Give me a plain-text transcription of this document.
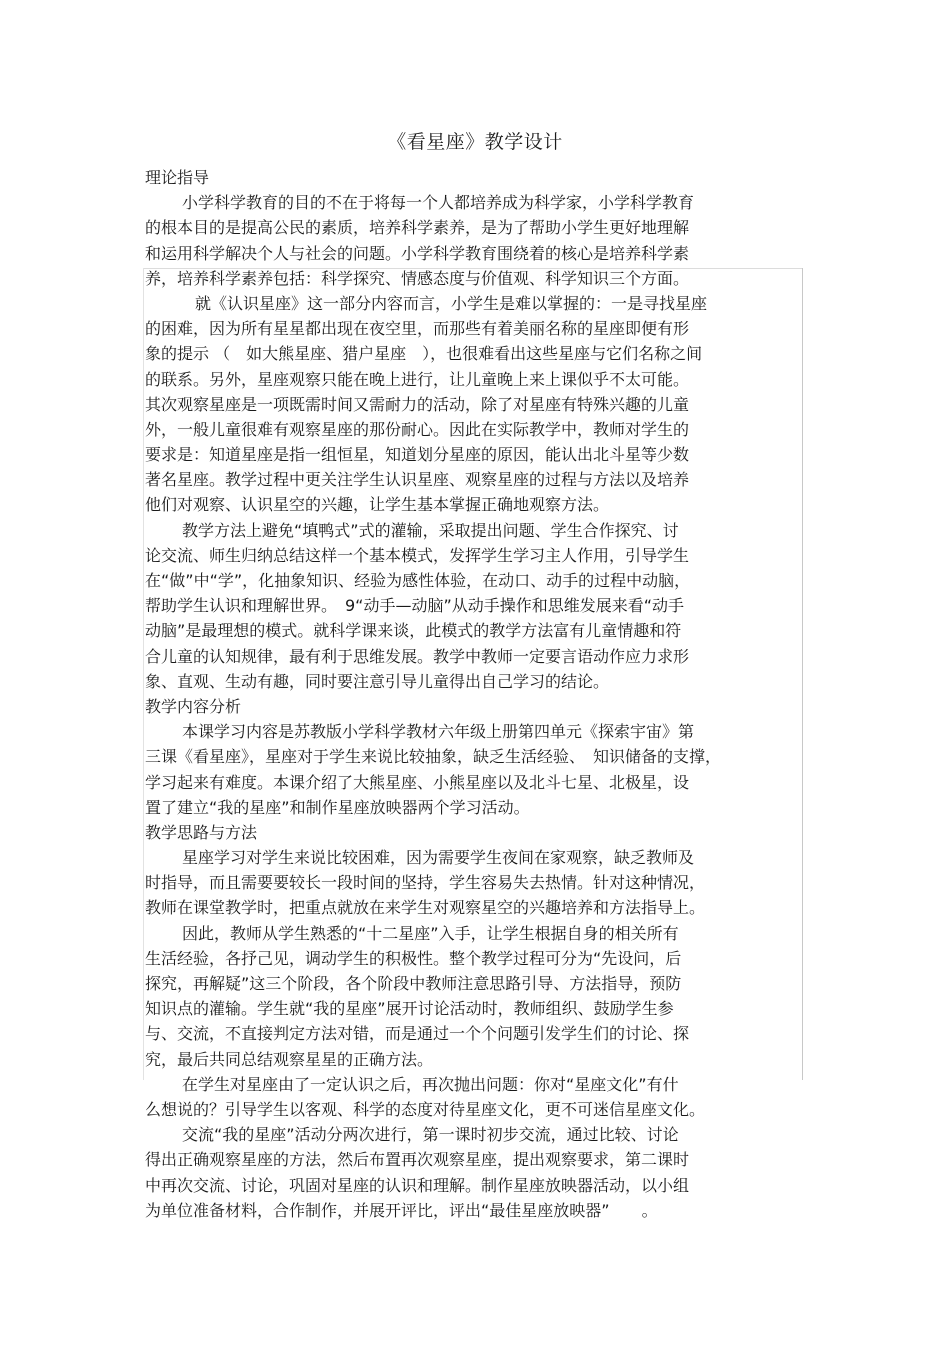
《看星座》教学设计
理论指导
小学科学教育的目的不在于将每一个人都培养成为科学家，小学科学教育
的根本目的是提高公民的素质，培养科学素养，是为了帮助小学生更好地理解
和运用科学解决个人与社会的问题。小学科学教育围绕着的核心是培养科学素
养，培养科学素养包括：科学探究、情感态度与价值观、科学知识三个方面。
就《认识星座》这一部分内容而言，小学生是难以掌握的：一是寻找星座
的困难，因为所有星星都出现在夜空里，而那些有着美丽名称的星座即便有形
象的提示 （　如大熊星座、猎户星座　），也很难看出这些星座与它们名称之间
的联系。另外，星座观察只能在晚上进行，让儿童晚上来上课似乎不太可能。
其次观察星座是一项既需时间又需耐力的活动，除了对星座有特殊兴趣的儿童
外，一般儿童很难有观察星座的那份耐心。因此在实际教学中，教师对学生的
要求是：知道星座是指一组恒星，知道划分星座的原因，能认出北斗星等少数
著名星座。教学过程中更关注学生认识星座、观察星座的过程与方法以及培养
他们对观察、认识星空的兴趣，让学生基本掌握正确地观察方法。
教学方法上避免“填鸭式”式的灌输，采取提出问题、学生合作探究、讨
论交流、师生归纳总结这样一个基本模式，发挥学生学习主人作用，引导学生
在“做”中“学”，化抽象知识、经验为感性体验，在动口、动手的过程中动脑，
帮助学生认识和理解世界。　9“动手—动脑”从动手操作和思维发展来看“动手
动脑”是最理想的模式。就科学课来谈，此模式的教学方法富有儿童情趣和符
合儿童的认知规律，最有利于思维发展。教学中教师一定要言语动作应力求形
象、直观、生动有趣，同时要注意引导儿童得出自己学习的结论。
教学内容分析
本课学习内容是苏教版小学科学教材六年级上册第四单元《探索宇宙》第
三课《看星座》，星座对于学生来说比较抽象，缺乏生活经验、　知识储备的支撑，
学习起来有难度。本课介绍了大熊星座、小熊星座以及北斗七星、北极星，设
置了建立“我的星座”和制作星座放映器两个学习活动。
教学思路与方法
星座学习对学生来说比较困难，因为需要学生夜间在家观察，缺乏教师及
时指导，而且需要要较长一段时间的坚持，学生容易失去热情。针对这种情况，
教师在课堂教学时，把重点就放在来学生对观察星空的兴趣培养和方法指导上。
因此，教师从学生熟悉的“十二星座”入手，让学生根据自身的相关所有
生活经验，各抒己见，调动学生的积极性。整个教学过程可分为“先设问，后
探究，再解疑”这三个阶段，各个阶段中教师注意思路引导、方法指导，预防
知识点的灌输。学生就“我的星座”展开讨论活动时，教师组织、鼓励学生参
与、交流，不直接判定方法对错，而是通过一个个问题引发学生们的讨论、探
究，最后共同总结观察星星的正确方法。
在学生对星座由了一定认识之后，再次抛出问题：你对“星座文化”有什
么想说的？引导学生以客观、科学的态度对待星座文化，更不可迷信星座文化。
交流“我的星座”活动分两次进行，第一课时初步交流，通过比较、讨论
得出正确观察星座的方法，然后布置再次观察星座，提出观察要求，第二课时
中再次交流、讨论，巩固对星座的认识和理解。制作星座放映器活动，以小组
为单位准备材料，合作制作，并展开评比，评出“最佳星座放映器”　　。
